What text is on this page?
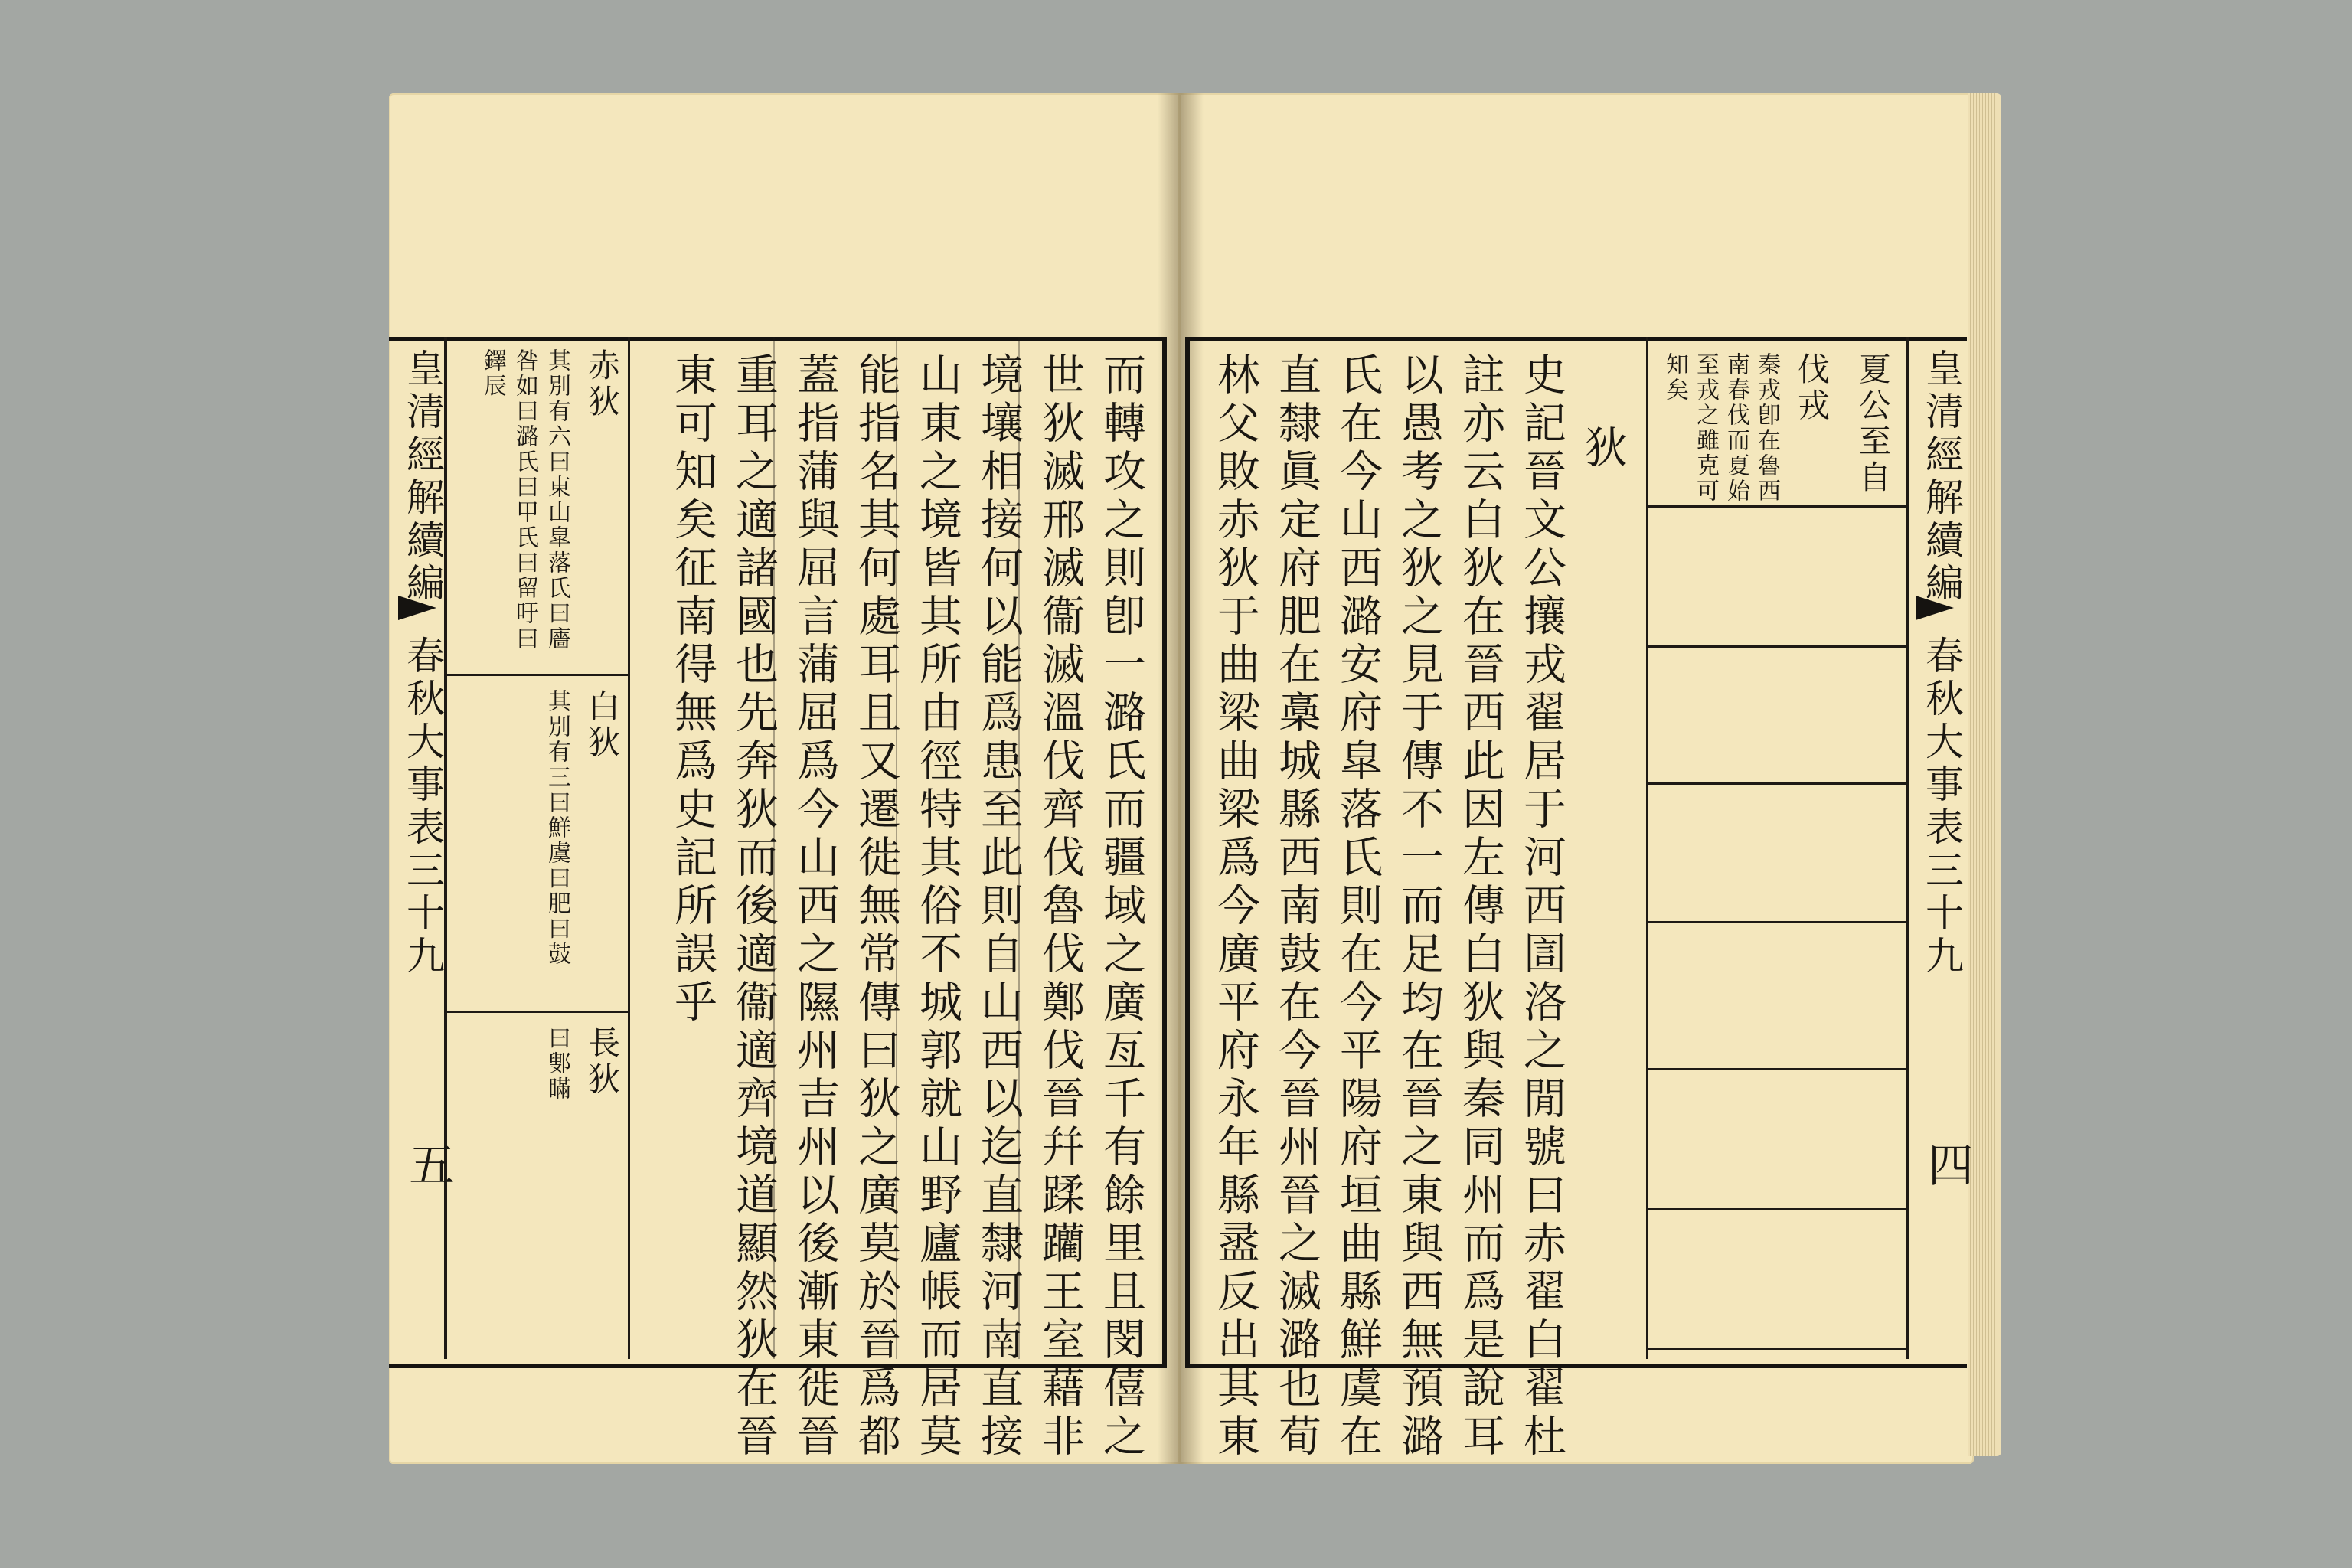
皇清經解續編
春秋大事表三十九
五
赤狄
其別有六曰東山皐落氏曰廧
咎如曰潞氏曰甲氏曰留吁曰
鐸辰
白狄
其別有三曰鮮虞曰肥曰鼓
長狄
曰鄋瞞	而轉攻之則卽一潞氏而疆域之廣亙千有餘里且閔僖之
世狄滅邢滅衞滅溫伐齊伐魯伐鄭伐晉幷蹂躪王室藉非
境壤相接何以能爲患至此則自山西以迄直隸河南直接
山東之境皆其所由徑特其俗不城郭就山野廬帳而居莫
能指名其何處耳且又遷徙無常傳曰狄之廣莫於晉爲都
蓋指蒲與屈言蒲屈爲今山西之隰州吉州以後漸東徙晉
重耳之適諸國也先奔狄而後適衞適齊境道顯然狄在晉
東可知矣征南得無爲史記所誤乎	林父敗赤狄于曲梁曲梁爲今廣平府永年縣盝反出其東 直隸眞定府肥在槀城縣西南鼓在今晉州晉之滅潞也荀 氏在今山西潞安府皐落氏則在今平陽府垣曲縣鮮虞在 以愚考之狄之見于傳不一而足均在晉之東與西無預潞 註亦云白狄在晉西此因左傳白狄與秦同州而爲是說耳 史記晉文公攘戎翟居于河西圁洛之閒號曰赤翟白翟杜 狄	夏公至自
伐戎
秦戎卽在魯西
南春伐而夏始
至戎之雖克可
知矣	皇清經解續編
春秋大事表三十九
四
